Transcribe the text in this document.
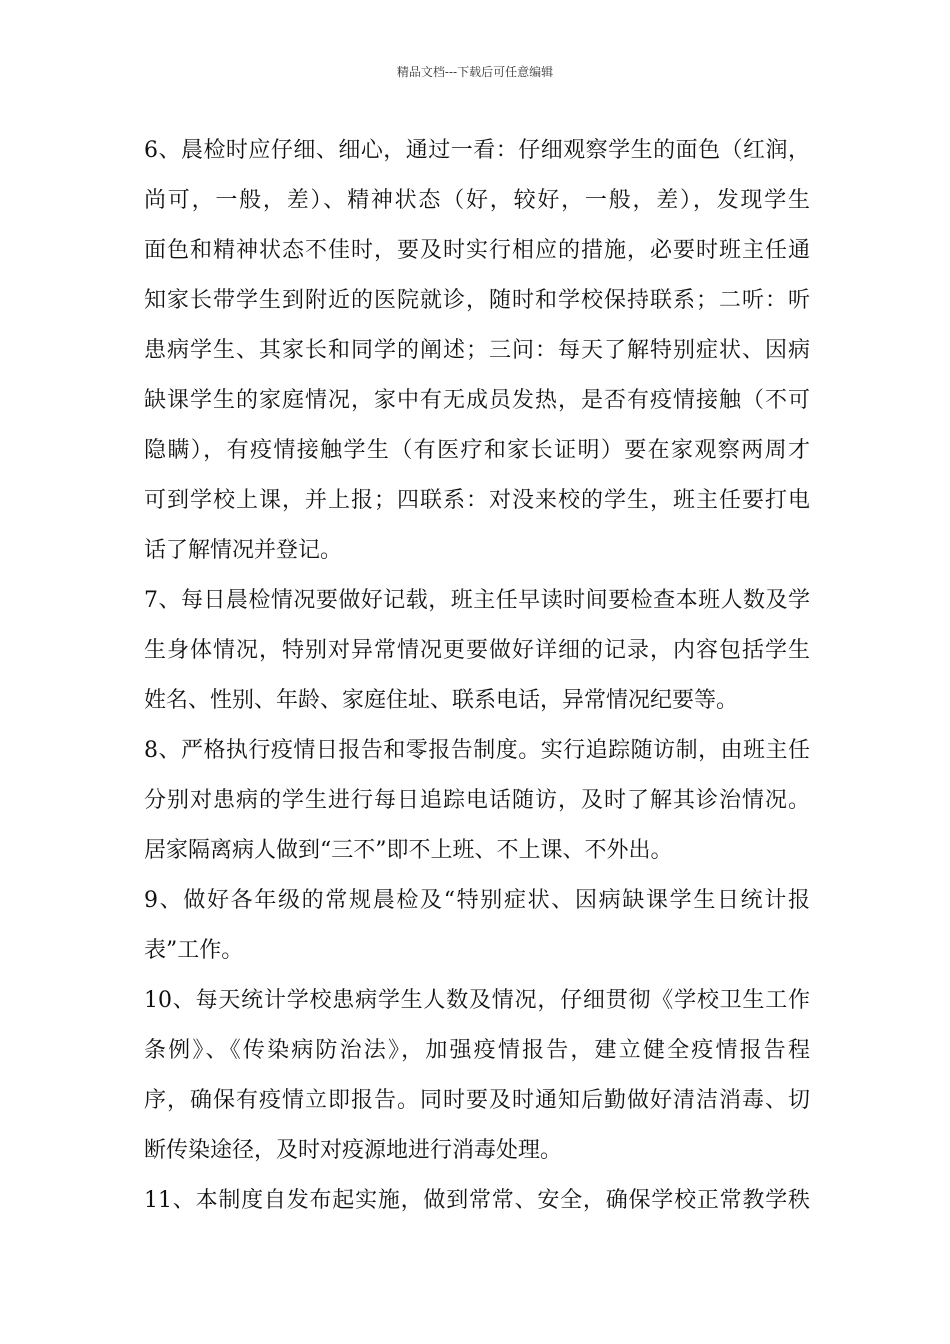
精品文档---下载后可任意编辑
6、晨检时应仔细、细心，通过一看：仔细观察学生的面色（红润，
尚可，一般，差）、精神状态（好，较好，一般，差），发现学生
面色和精神状态不佳时，要及时实行相应的措施，必要时班主任通
知家长带学生到附近的医院就诊，随时和学校保持联系；二听：听
患病学生、其家长和同学的阐述；三问：每天了解特别症状、因病
缺课学生的家庭情况，家中有无成员发热，是否有疫情接触（不可
隐瞒），有疫情接触学生（有医疗和家长证明）要在家观察两周才
可到学校上课，并上报；四联系：对没来校的学生，班主任要打电
话了解情况并登记。
7、每日晨检情况要做好记载，班主任早读时间要检查本班人数及学
生身体情况，特别对异常情况更要做好详细的记录，内容包括学生
姓名、性别、年龄、家庭住址、联系电话，异常情况纪要等。
8、严格执行疫情日报告和零报告制度。实行追踪随访制，由班主任
分别对患病的学生进行每日追踪电话随访，及时了解其诊治情况。
居家隔离病人做到“三不”即不上班、不上课、不外出。
9、做好各年级的常规晨检及“特别症状、因病缺课学生日统计报
表”工作。
10、每天统计学校患病学生人数及情况，仔细贯彻《学校卫生工作
条例》、《传染病防治法》，加强疫情报告，建立健全疫情报告程
序，确保有疫情立即报告。同时要及时通知后勤做好清洁消毒、切
断传染途径，及时对疫源地进行消毒处理。
11、本制度自发布起实施，做到常常、安全，确保学校正常教学秩
